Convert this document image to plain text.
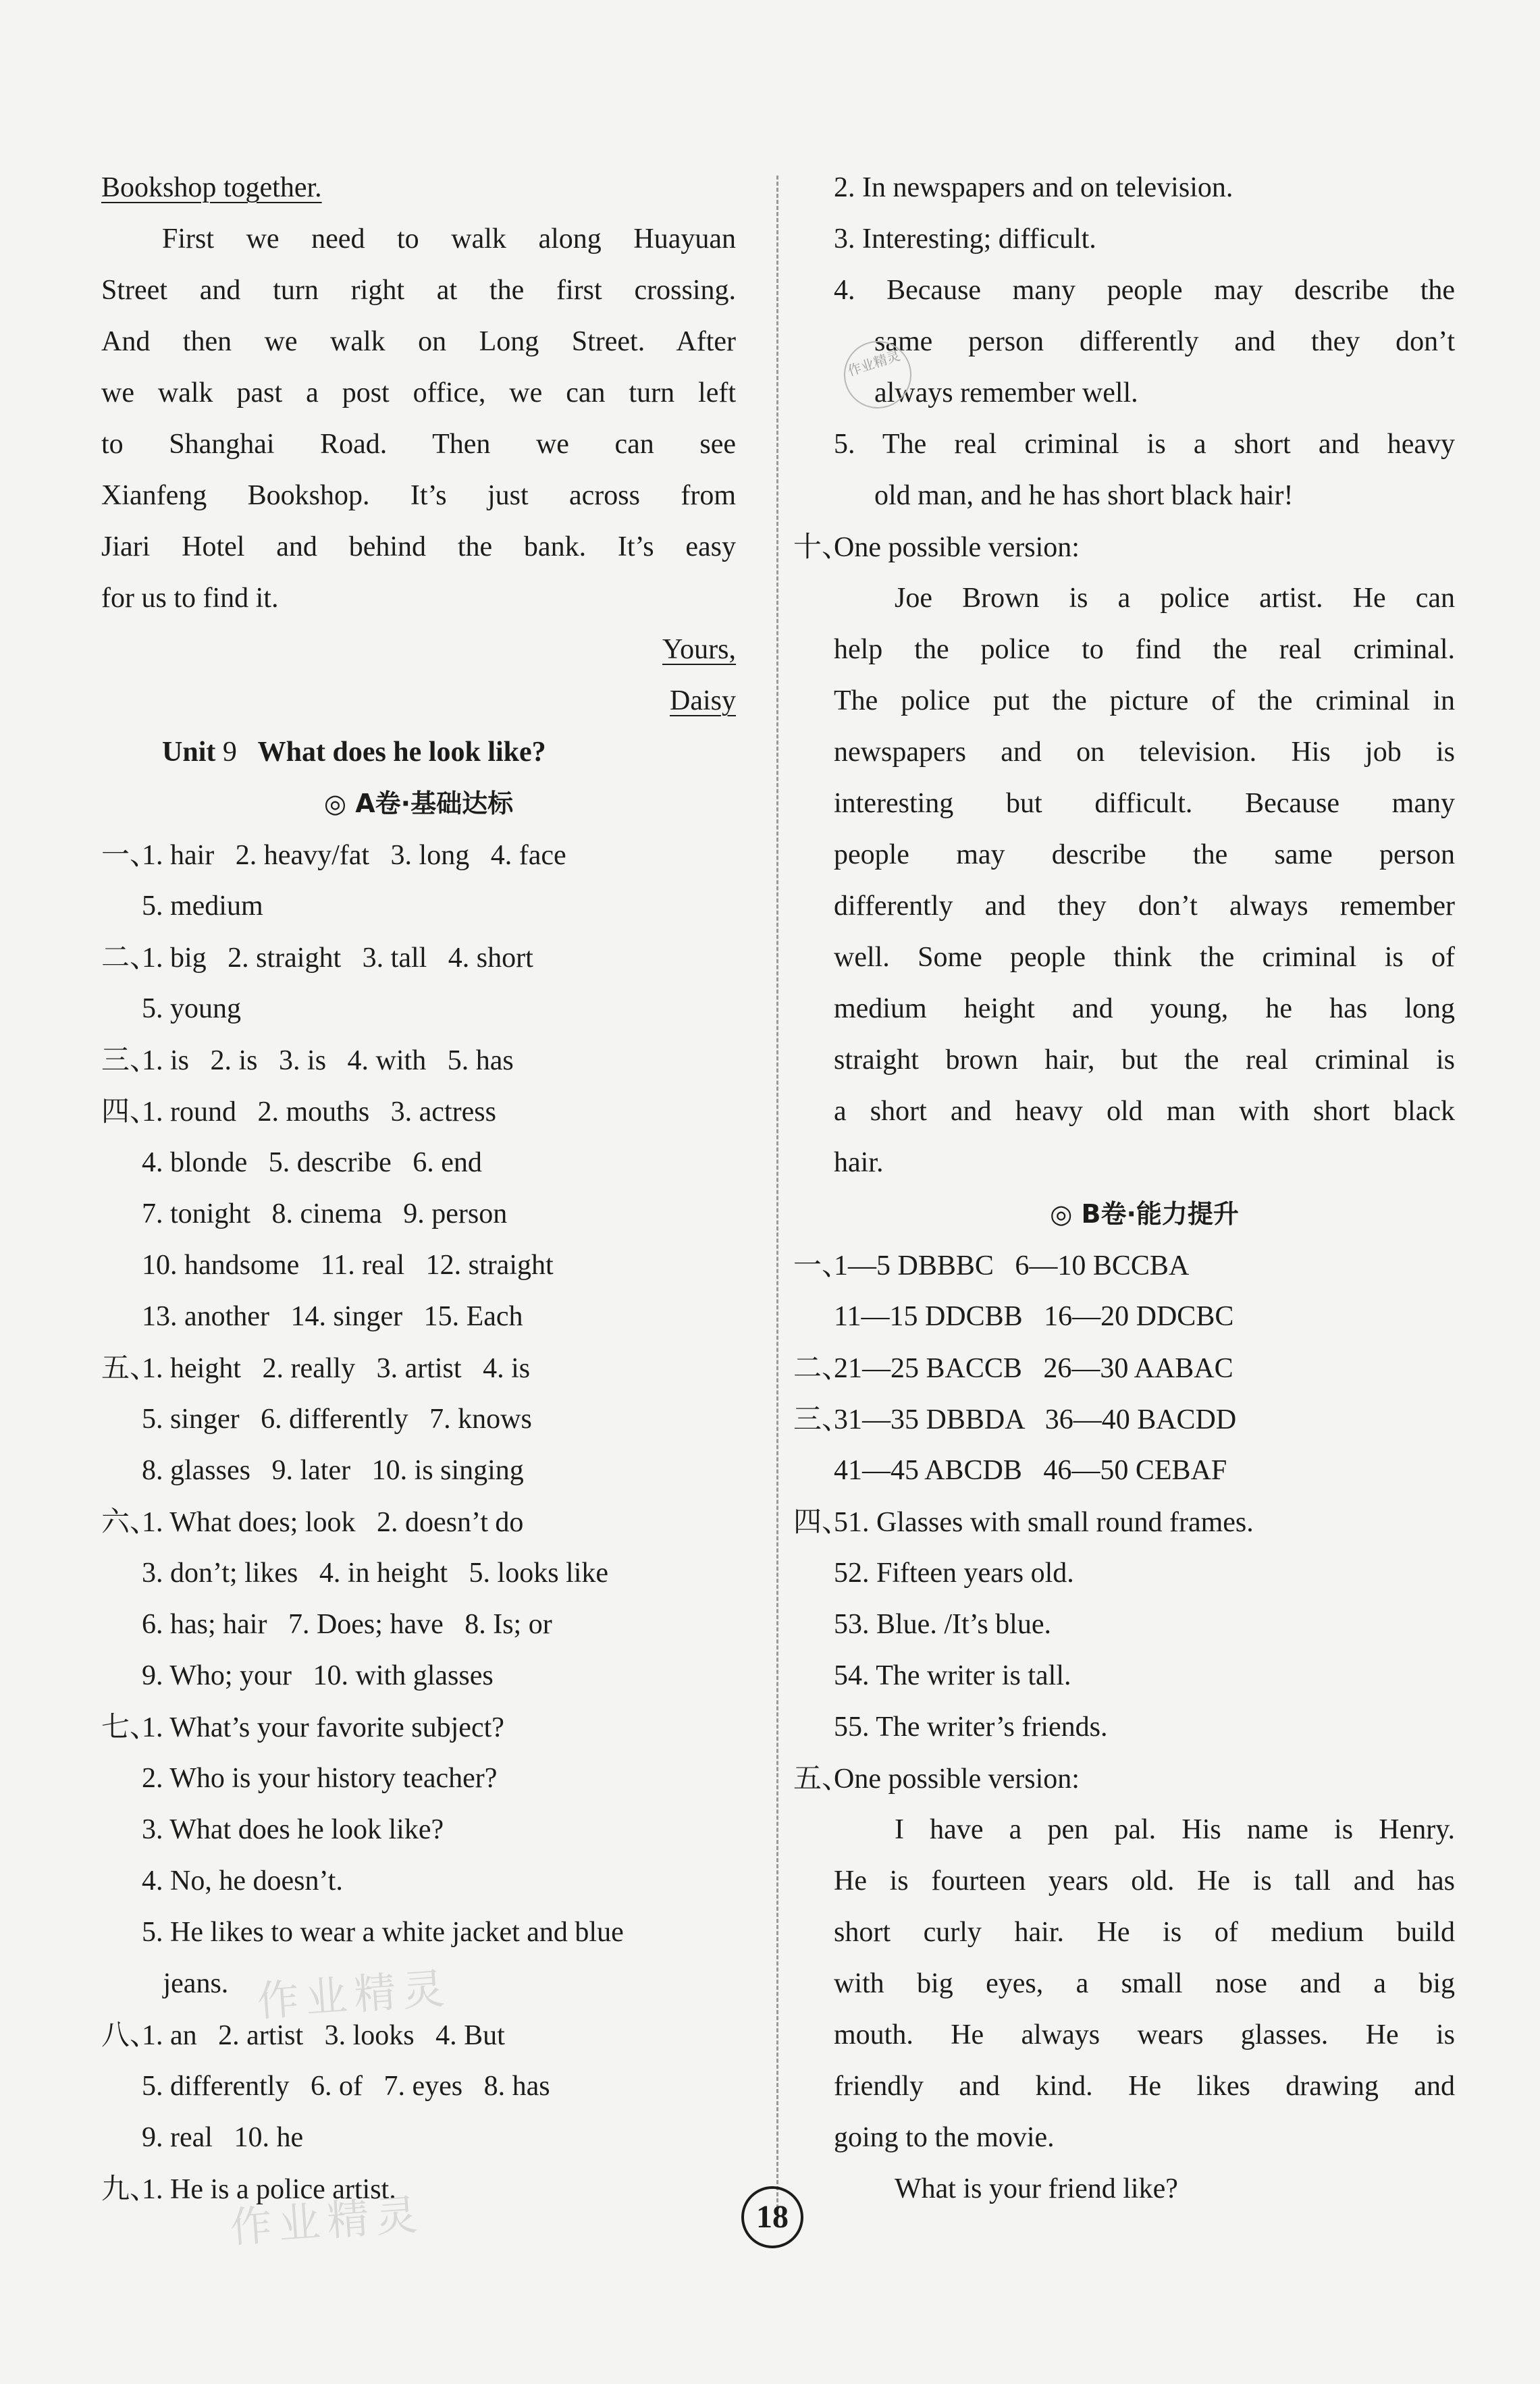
Bookshop together.
First we need to walk along Huayuan
Street and turn right at the first crossing.
And then we walk on Long Street. After
we walk past a post office, we can turn left
to Shanghai Road. Then we can see
Xianfeng Bookshop. It’s just across from
Jiari Hotel and behind the bank. It’s easy
for us to find it.
Yours,
Daisy
Unit 9 What does he look like?
◎ A卷·基础达标
一、1. hair   2. heavy/fat   3. long   4. face
5. medium
二、1. big   2. straight   3. tall   4. short
5. young
三、1. is   2. is   3. is   4. with   5. has
四、1. round   2. mouths   3. actress
4. blonde   5. describe   6. end
7. tonight   8. cinema   9. person
10. handsome   11. real   12. straight
13. another   14. singer   15. Each
五、1. height   2. really   3. artist   4. is
5. singer   6. differently   7. knows
8. glasses   9. later   10. is singing
六、1. What does; look   2. doesn’t do
3. don’t; likes   4. in height   5. looks like
6. has; hair   7. Does; have   8. Is; or
9. Who; your   10. with glasses
七、1. What’s your favorite subject?
2. Who is your history teacher?
3. What does he look like?
4. No, he doesn’t.
5. He likes to wear a white jacket and blue
jeans.
八、1. an   2. artist   3. looks   4. But
5. differently   6. of   7. eyes   8. has
9. real   10. he
九、1. He is a police artist.
2. In newspapers and on television.
3. Interesting; difficult.
4. Because many people may describe the
same person differently and they don’t
always remember well.
5. The real criminal is a short and heavy
old man, and he has short black hair!
十、One possible version:
Joe Brown is a police artist. He can
help the police to find the real criminal.
The police put the picture of the criminal in
newspapers and on television. His job is
interesting but difficult. Because many
people may describe the same person
differently and they don’t always remember
well. Some people think the criminal is of
medium height and young, he has long
straight brown hair, but the real criminal is
a short and heavy old man with short black
hair.
◎ B卷·能力提升
一、1—5 DBBBC   6—10 BCCBA
11—15 DDCBB   16—20 DDCBC
二、21—25 BACCB   26—30 AABAC
三、31—35 DBBDA   36—40 BACDD
41—45 ABCDB   46—50 CEBAF
四、51. Glasses with small round frames.
52. Fifteen years old.
53. Blue. /It’s blue.
54. The writer is tall.
55. The writer’s friends.
五、One possible version:
I have a pen pal. His name is Henry.
He is fourteen years old. He is tall and has
short curly hair. He is of medium build
with big eyes, a small nose and a big
mouth. He always wears glasses. He is
friendly and kind. He likes drawing and
going to the movie.
What is your friend like?
作业精灵
作业精灵
作业精灵	18
